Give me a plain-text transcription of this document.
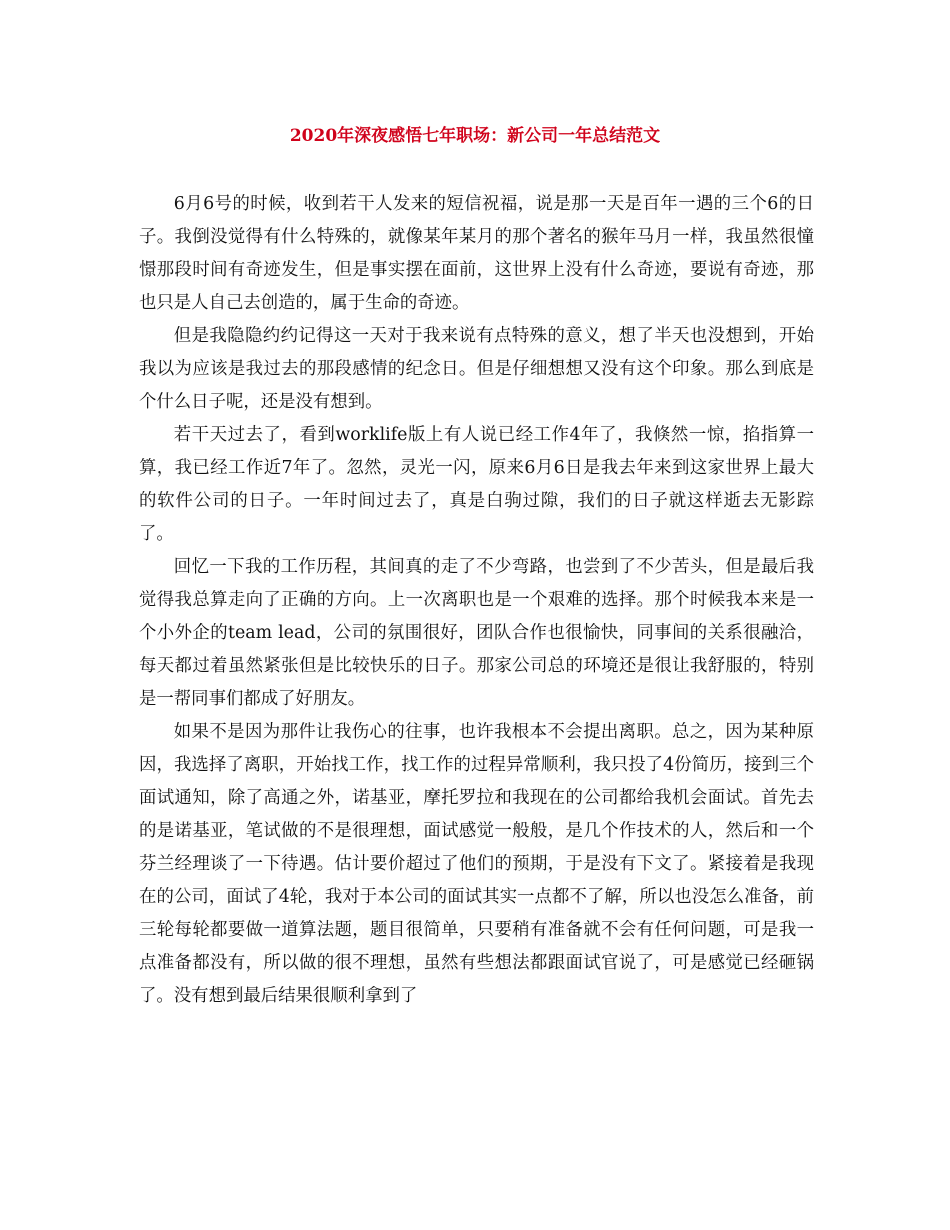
2020年深夜感悟七年职场：新公司一年总结范文

6月6号的时候，收到若干人发来的短信祝福，说是那一天是百年一遇的三个6的日子。我倒没觉得有什么特殊的，就像某年某月的那个著名的猴年马月一样，我虽然很憧憬那段时间有奇迹发生，但是事实摆在面前，这世界上没有什么奇迹，要说有奇迹，那也只是人自己去创造的，属于生命的奇迹。

但是我隐隐约约记得这一天对于我来说有点特殊的意义，想了半天也没想到，开始我以为应该是我过去的那段感情的纪念日。但是仔细想想又没有这个印象。那么到底是个什么日子呢，还是没有想到。

若干天过去了，看到worklife版上有人说已经工作4年了，我倏然一惊，掐指算一算，我已经工作近7年了。忽然，灵光一闪，原来6月6日是我去年来到这家世界上最大的软件公司的日子。一年时间过去了，真是白驹过隙，我们的日子就这样逝去无影踪了。

回忆一下我的工作历程，其间真的走了不少弯路，也尝到了不少苦头，但是最后我觉得我总算走向了正确的方向。上一次离职也是一个艰难的选择。那个时候我本来是一个小外企的team lead，公司的氛围很好，团队合作也很愉快，同事间的关系很融洽，每天都过着虽然紧张但是比较快乐的日子。那家公司总的环境还是很让我舒服的，特别是一帮同事们都成了好朋友。

如果不是因为那件让我伤心的往事，也许我根本不会提出离职。总之，因为某种原因，我选择了离职，开始找工作，找工作的过程异常顺利，我只投了4份简历，接到三个面试通知，除了高通之外，诺基亚，摩托罗拉和我现在的公司都给我机会面试。首先去的是诺基亚，笔试做的不是很理想，面试感觉一般般，是几个作技术的人，然后和一个芬兰经理谈了一下待遇。估计要价超过了他们的预期，于是没有下文了。紧接着是我现在的公司，面试了4轮，我对于本公司的面试其实一点都不了解，所以也没怎么准备，前三轮每轮都要做一道算法题，题目很简单，只要稍有准备就不会有任何问题，可是我一点准备都没有，所以做的很不理想，虽然有些想法都跟面试官说了，可是感觉已经砸锅了。没有想到最后结果很顺利拿到了
